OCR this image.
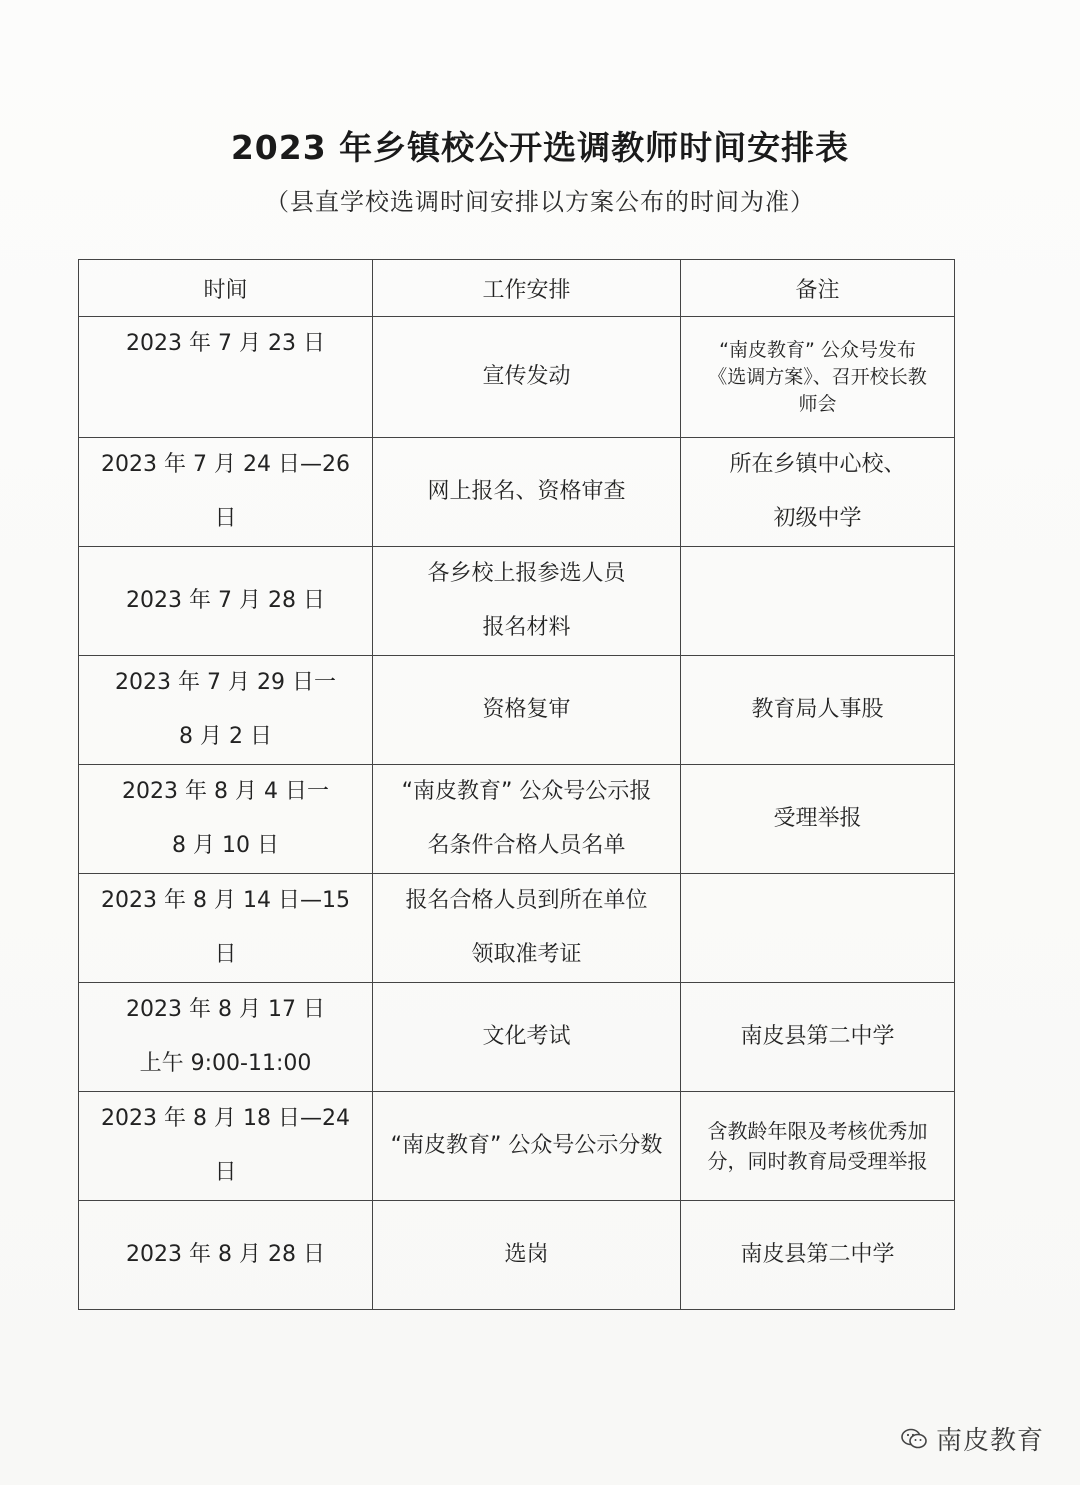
2023 年乡镇校公开选调教师时间安排表
（县直学校选调时间安排以方案公布的时间为准）
时间	工作安排	备注

2023 年 7 月 23 日	宣传发动	“南皮教育” 公众号发布
《选调方案》、召开校长教
师会

2023 年 7 月 24 日—26 日	网上报名、资格审查	所在乡镇中心校、
初级中学

2023 年 7 月 28 日	各乡校上报参选人员
报名材料	

2023 年 7 月 29 日一
8 月 2 日	资格复审	教育局人事股

2023 年 8 月 4 日一
8 月 10 日	“南皮教育” 公众号公示报
名条件合格人员名单	受理举报

2023 年 8 月 14 日—15 日	报名合格人员到所在单位
领取准考证	

2023 年 8 月 17 日
上午 9:00-11:00	文化考试	南皮县第二中学

2023 年 8 月 18 日—24 日	“南皮教育” 公众号公示分数	含教龄年限及考核优秀加
分，同时教育局受理举报

2023 年 8 月 28 日	选岗	南皮县第二中学
南皮教育
